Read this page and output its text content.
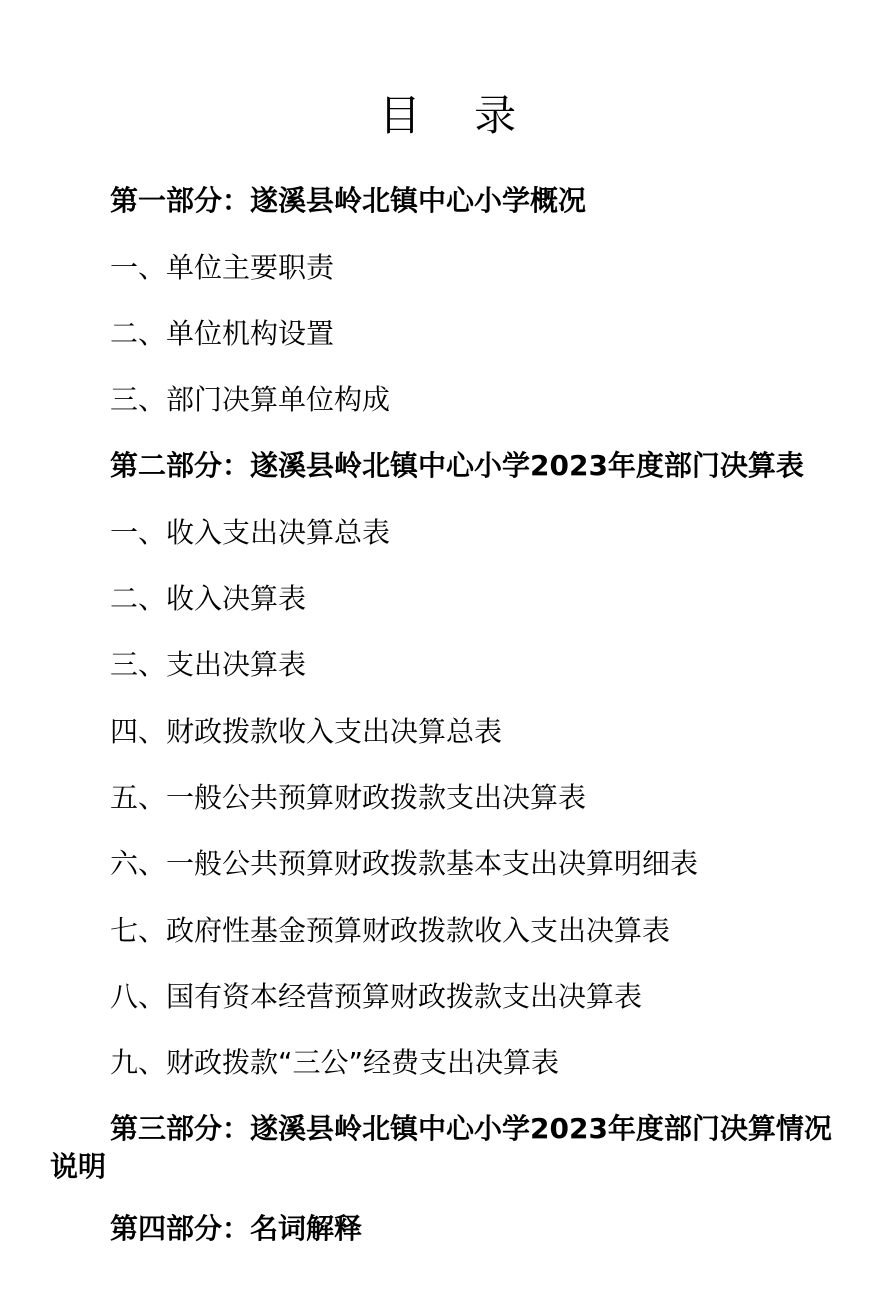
目 录
第一部分：遂溪县岭北镇中心小学概况
一、单位主要职责
二、单位机构设置
三、部门决算单位构成
第二部分：遂溪县岭北镇中心小学2023年度部门决算表
一、收入支出决算总表
二、收入决算表
三、支出决算表
四、财政拨款收入支出决算总表
五、一般公共预算财政拨款支出决算表
六、一般公共预算财政拨款基本支出决算明细表
七、政府性基金预算财政拨款收入支出决算表
八、国有资本经营预算财政拨款支出决算表
九、财政拨款“三公”经费支出决算表
第三部分：遂溪县岭北镇中心小学2023年度部门决算情况说明
第四部分：名词解释
